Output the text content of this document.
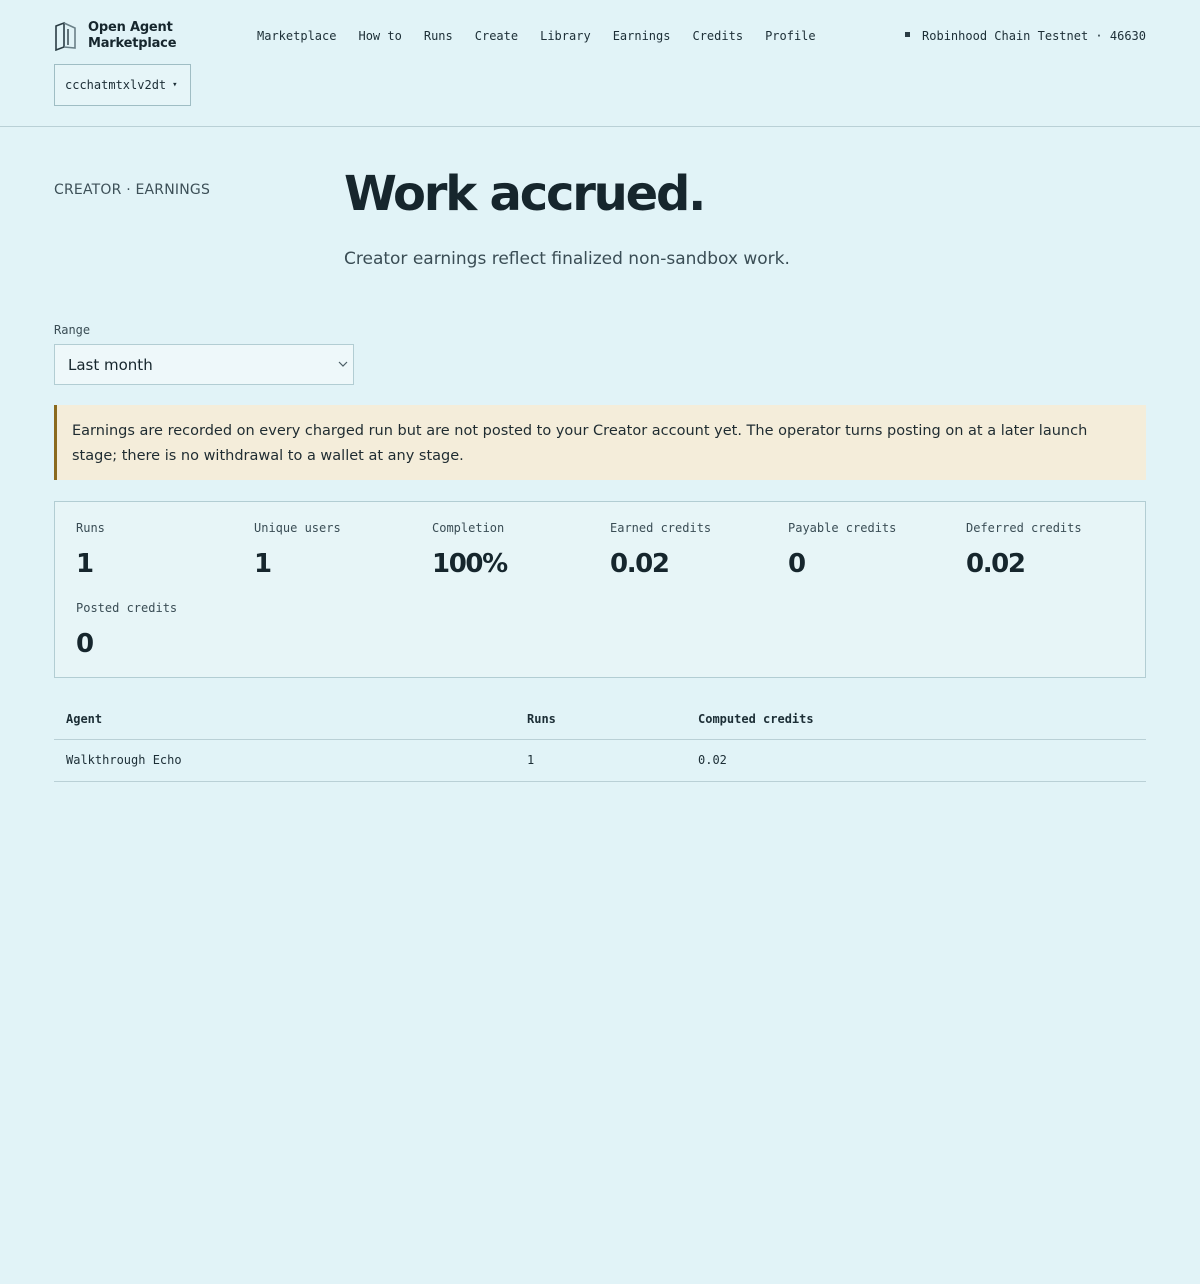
Open Agent
Marketplace
ccchatmtxlv2dt ▾
Marketplace How to Runs Create Library Earnings Credits Profile	Robinhood Chain Testnet · 46630
CREATOR · EARNINGS	Work accrued.

Creator earnings reflect finalized non-sandbox work.

Range
Last month
Earnings are recorded on every charged run but are not posted to your Creator account yet. The operator turns posting on at a later launch stage; there is no withdrawal to a wallet at any stage.
Runs
1
Unique users
1
Completion
100%
Earned credits
0.02
Payable credits
0
Deferred credits
0.02
Posted credits
0
Agent	Runs	Computed credits
Walkthrough Echo	1	0.02
